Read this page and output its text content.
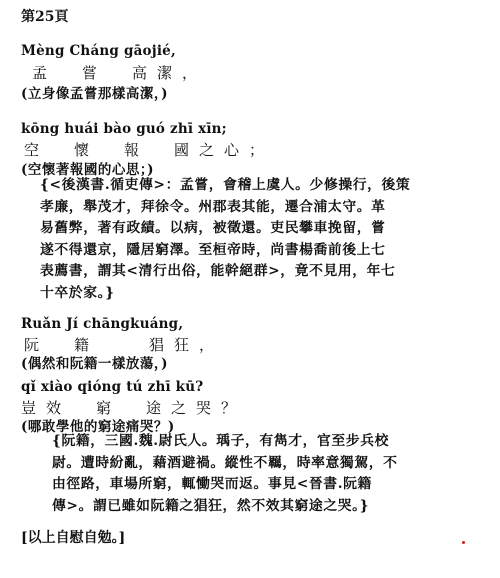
第25頁
Mèng Cháng gāojié,
孟　嘗　高潔，
(立身像孟嘗那樣高潔，)
kōng huái bào guó zhī xīn;
空　懷　報　國之心；
(空懷著報國的心思；)
{<後漢書.循吏傳>：孟嘗，會稽上虞人。少修操行，後策
孝廉，舉茂才，拜徐令。州郡表其能，遷合浦太守。革
易舊弊，著有政績。以病，被徵還。吏民攀車挽留，嘗
遂不得還京，隱居窮澤。至桓帝時，尚書楊喬前後上七
表薦書，謂其<清行出俗，能幹絕群>，竟不見用，年七
十卒於家。}
Ruǎn Jí chāngkuáng,
阮　籍　　猖狂，
(偶然和阮籍一樣放蕩，)
qǐ xiào qióng tú zhī kū?
豈效　窮　途之哭？
(哪敢學他的窮途痛哭？)
{阮籍，三國.魏.尉氏人。瑀子，有雋才，官至步兵校
尉。遭時紛亂，藉酒避禍。縱性不羈，時率意獨駕，不
由徑路，車場所窮，輒慟哭而返。事見<晉書.阮籍
傳>。謂已雖如阮籍之猖狂，然不效其窮途之哭。}
[以上自慰自勉。]
